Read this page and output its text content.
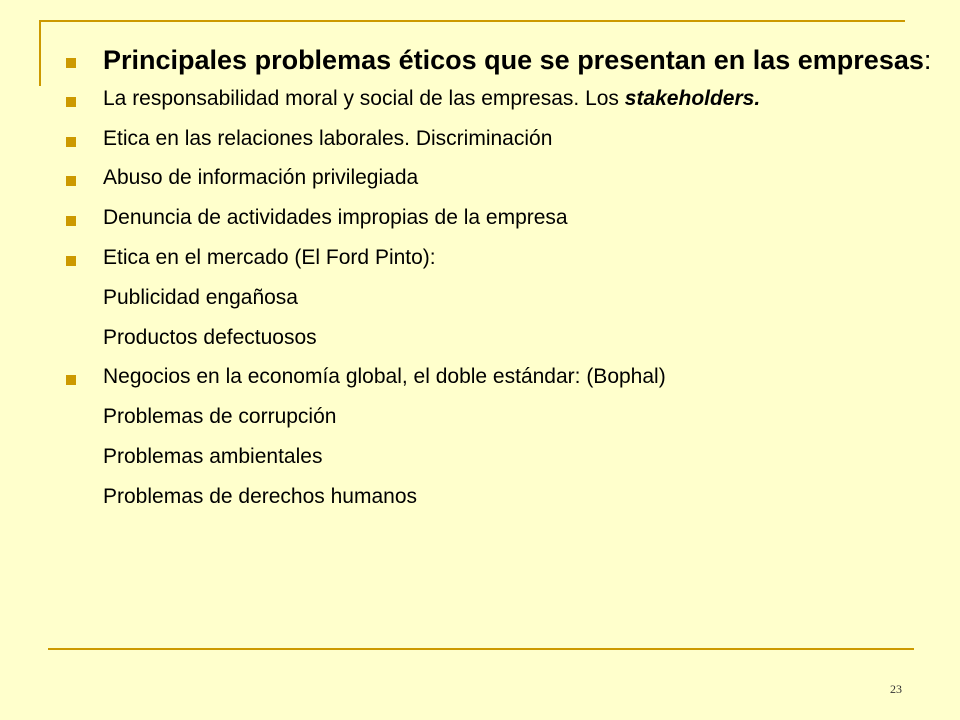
Principales problemas éticos que se presentan en las empresas:

La responsabilidad moral y social de las empresas. Los stakeholders.

Etica en las relaciones laborales. Discriminación

Abuso de información privilegiada

Denuncia de actividades impropias de la empresa

Etica en el mercado (El Ford Pinto):

Publicidad engañosa

Productos defectuosos

Negocios en la economía global, el doble estándar: (Bophal)

Problemas de corrupción

Problemas ambientales

Problemas de derechos humanos

23
